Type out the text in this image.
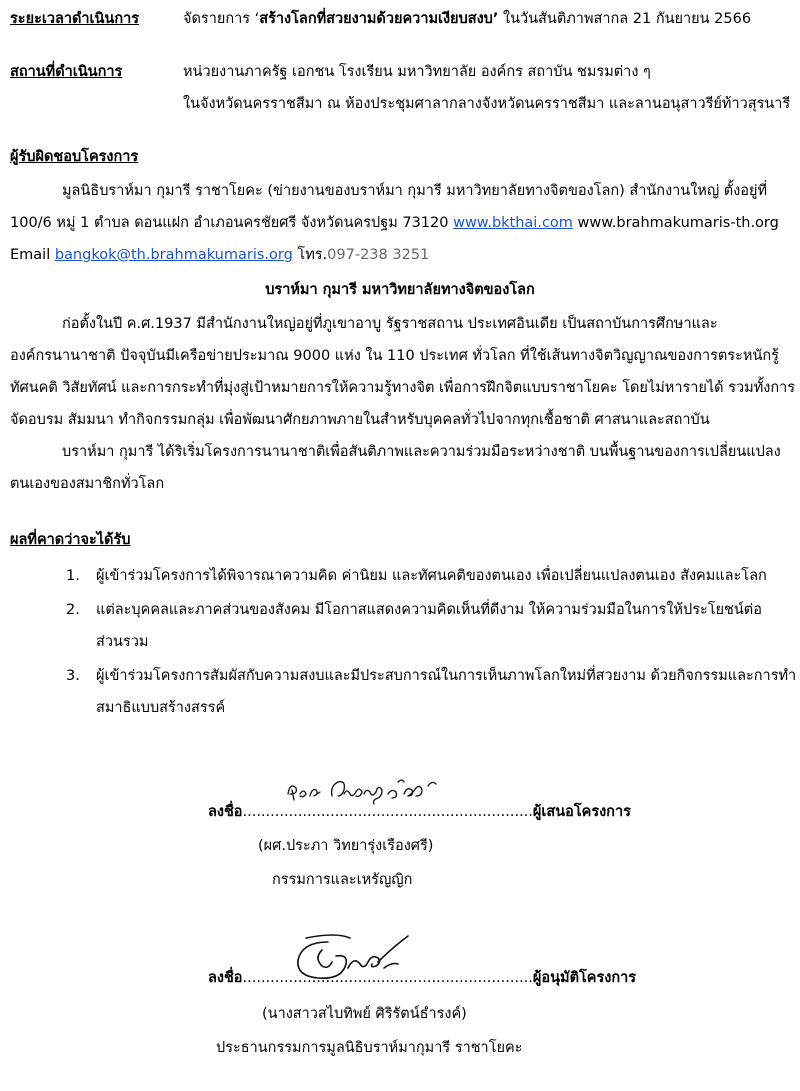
ระยะเวลาดำเนินการ	จัดรายการ ‘สร้างโลกที่สวยงามด้วยความเงียบสงบ’ ในวันสันติภาพสากล 21 กันยายน 2566
สถานที่ดำเนินการ	หน่วยงานภาครัฐ เอกชน โรงเรียน มหาวิทยาลัย องค์กร สถาบัน ชมรมต่าง ๆ
ในจังหวัดนครราชสีมา ณ ห้องประชุมศาลากลางจังหวัดนครราชสีมา และลานอนุสาวรีย์ท้าวสุรนารี
ผู้รับผิดชอบโครงการ
มูลนิธิบราห์มา กุมารี ราชาโยคะ (ข่ายงานของบราห์มา กุมารี มหาวิทยาลัยทางจิตของโลก) สำนักงานใหญ่ ตั้งอยู่ที่
100/6 หมู่ 1 ตำบล ดอนแฝก อำเภอนครชัยศรี จังหวัดนครปฐม 73120 www.bkthai.com www.brahmakumaris-th.org
Email bangkok@th.brahmakumaris.org โทร.097-238 3251
บราห์มา กุมารี มหาวิทยาลัยทางจิตของโลก
ก่อตั้งในปี ค.ศ.1937 มีสำนักงานใหญ่อยู่ที่ภูเขาอาบู รัฐราชสถาน ประเทศอินเดีย เป็นสถาบันการศึกษาและ
องค์กรนานาชาติ ปัจจุบันมีเครือข่ายประมาณ 9000 แห่ง ใน 110 ประเทศ ทั่วโลก ที่ใช้เส้นทางจิตวิญญาณของการตระหนักรู้
ทัศนคติ วิสัยทัศน์ และการกระทำที่มุ่งสู่เป้าหมายการให้ความรู้ทางจิต เพื่อการฝึกจิตแบบราชาโยคะ โดยไม่หารายได้ รวมทั้งการ
จัดอบรม สัมมนา ทำกิจกรรมกลุ่ม เพื่อพัฒนาศักยภาพภายในสำหรับบุคคลทั่วไปจากทุกเชื้อชาติ ศาสนาและสถาบัน
บราห์มา กุมารี ได้ริเริ่มโครงการนานาชาติเพื่อสันติภาพและความร่วมมือระหว่างชาติ บนพื้นฐานของการเปลี่ยนแปลง
ตนเองของสมาชิกทั่วโลก
ผลที่คาดว่าจะได้รับ
1.	ผู้เข้าร่วมโครงการได้พิจารณาความคิด ค่านิยม และทัศนคติของตนเอง เพื่อเปลี่ยนแปลงตนเอง สังคมและโลก
2.	แต่ละบุคคลและภาคส่วนของสังคม มีโอกาสแสดงความคิดเห็นที่ดีงาม ให้ความร่วมมือในการให้ประโยชน์ต่อ
ส่วนรวม
3.	ผู้เข้าร่วมโครงการสัมผัสกับความสงบและมีประสบการณ์ในการเห็นภาพโลกใหม่ที่สวยงาม ด้วยกิจกรรมและการทำ
สมาธิแบบสร้างสรรค์
ลงชื่อ...............................................................ผู้เสนอโครงการ
(ผศ.ประภา วิทยารุ่งเรืองศรี)
กรรมการและเหรัญญิก
ลงชื่อ...............................................................ผู้อนุมัติโครงการ
(นางสาวสไบทิพย์ ศิริรัตน์ธำรงค์)
ประธานกรรมการมูลนิธิบราห์มากุมารี ราชาโยคะ
